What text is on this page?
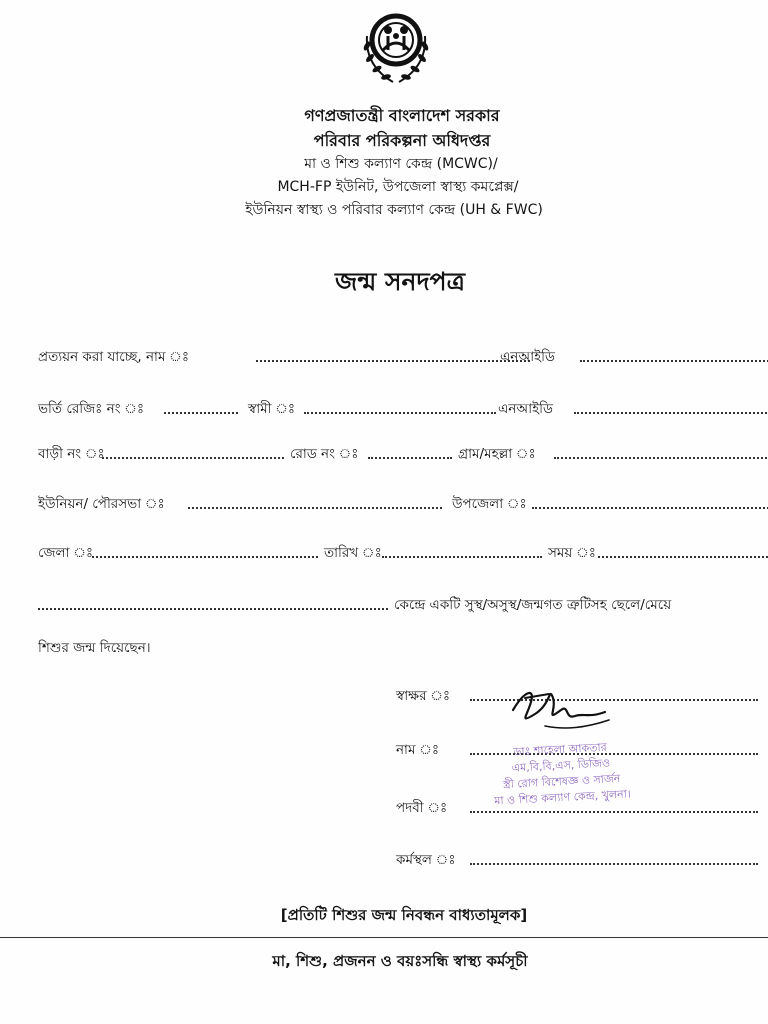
গণপ্রজাতন্ত্রী বাংলাদেশ সরকার
পরিবার পরিকল্পনা অধিদপ্তর
মা ও শিশু কল্যাণ কেন্দ্র (MCWC)/
MCH-FP ইউনিট, উপজেলা স্বাস্থ্য কমপ্লেক্স/
ইউনিয়ন স্বাস্থ্য ও পরিবার কল্যাণ কেন্দ্র (UH & FWC)
জন্ম সনদপত্র
প্রত্যয়ন করা যাচ্ছে, নাম ঃ	এনআইডি
ভর্তি রেজিঃ নং ঃ	স্বামী ঃ	এনআইডি
বাড়ী নং ঃ	রোড নং ঃ	গ্রাম/মহল্লা ঃ
ইউনিয়ন/ পৌরসভা ঃ	উপজেলা ঃ
জেলা ঃ	তারিখ ঃ	সময় ঃ
কেন্দ্রে একটি সুস্থ/অসুস্থ/জন্মগত ত্রুটিসহ ছেলে/মেয়ে
শিশুর জন্ম দিয়েছেন।
স্বাক্ষর ঃ
নাম ঃ
পদবী ঃ
কর্মস্থল ঃ
ডাঃ শাহেলা আকতার
এম,বি,বি,এস, ডিজিও
স্ত্রী রোগ বিশেষজ্ঞ ও সার্জন
মা ও শিশু কল্যাণ কেন্দ্র, খুলনা।
[প্রতিটি শিশুর জন্ম নিবন্ধন বাধ্যতামূলক]
মা, শিশু, প্রজনন ও বয়ঃসন্ধি স্বাস্থ্য কর্মসূচী
